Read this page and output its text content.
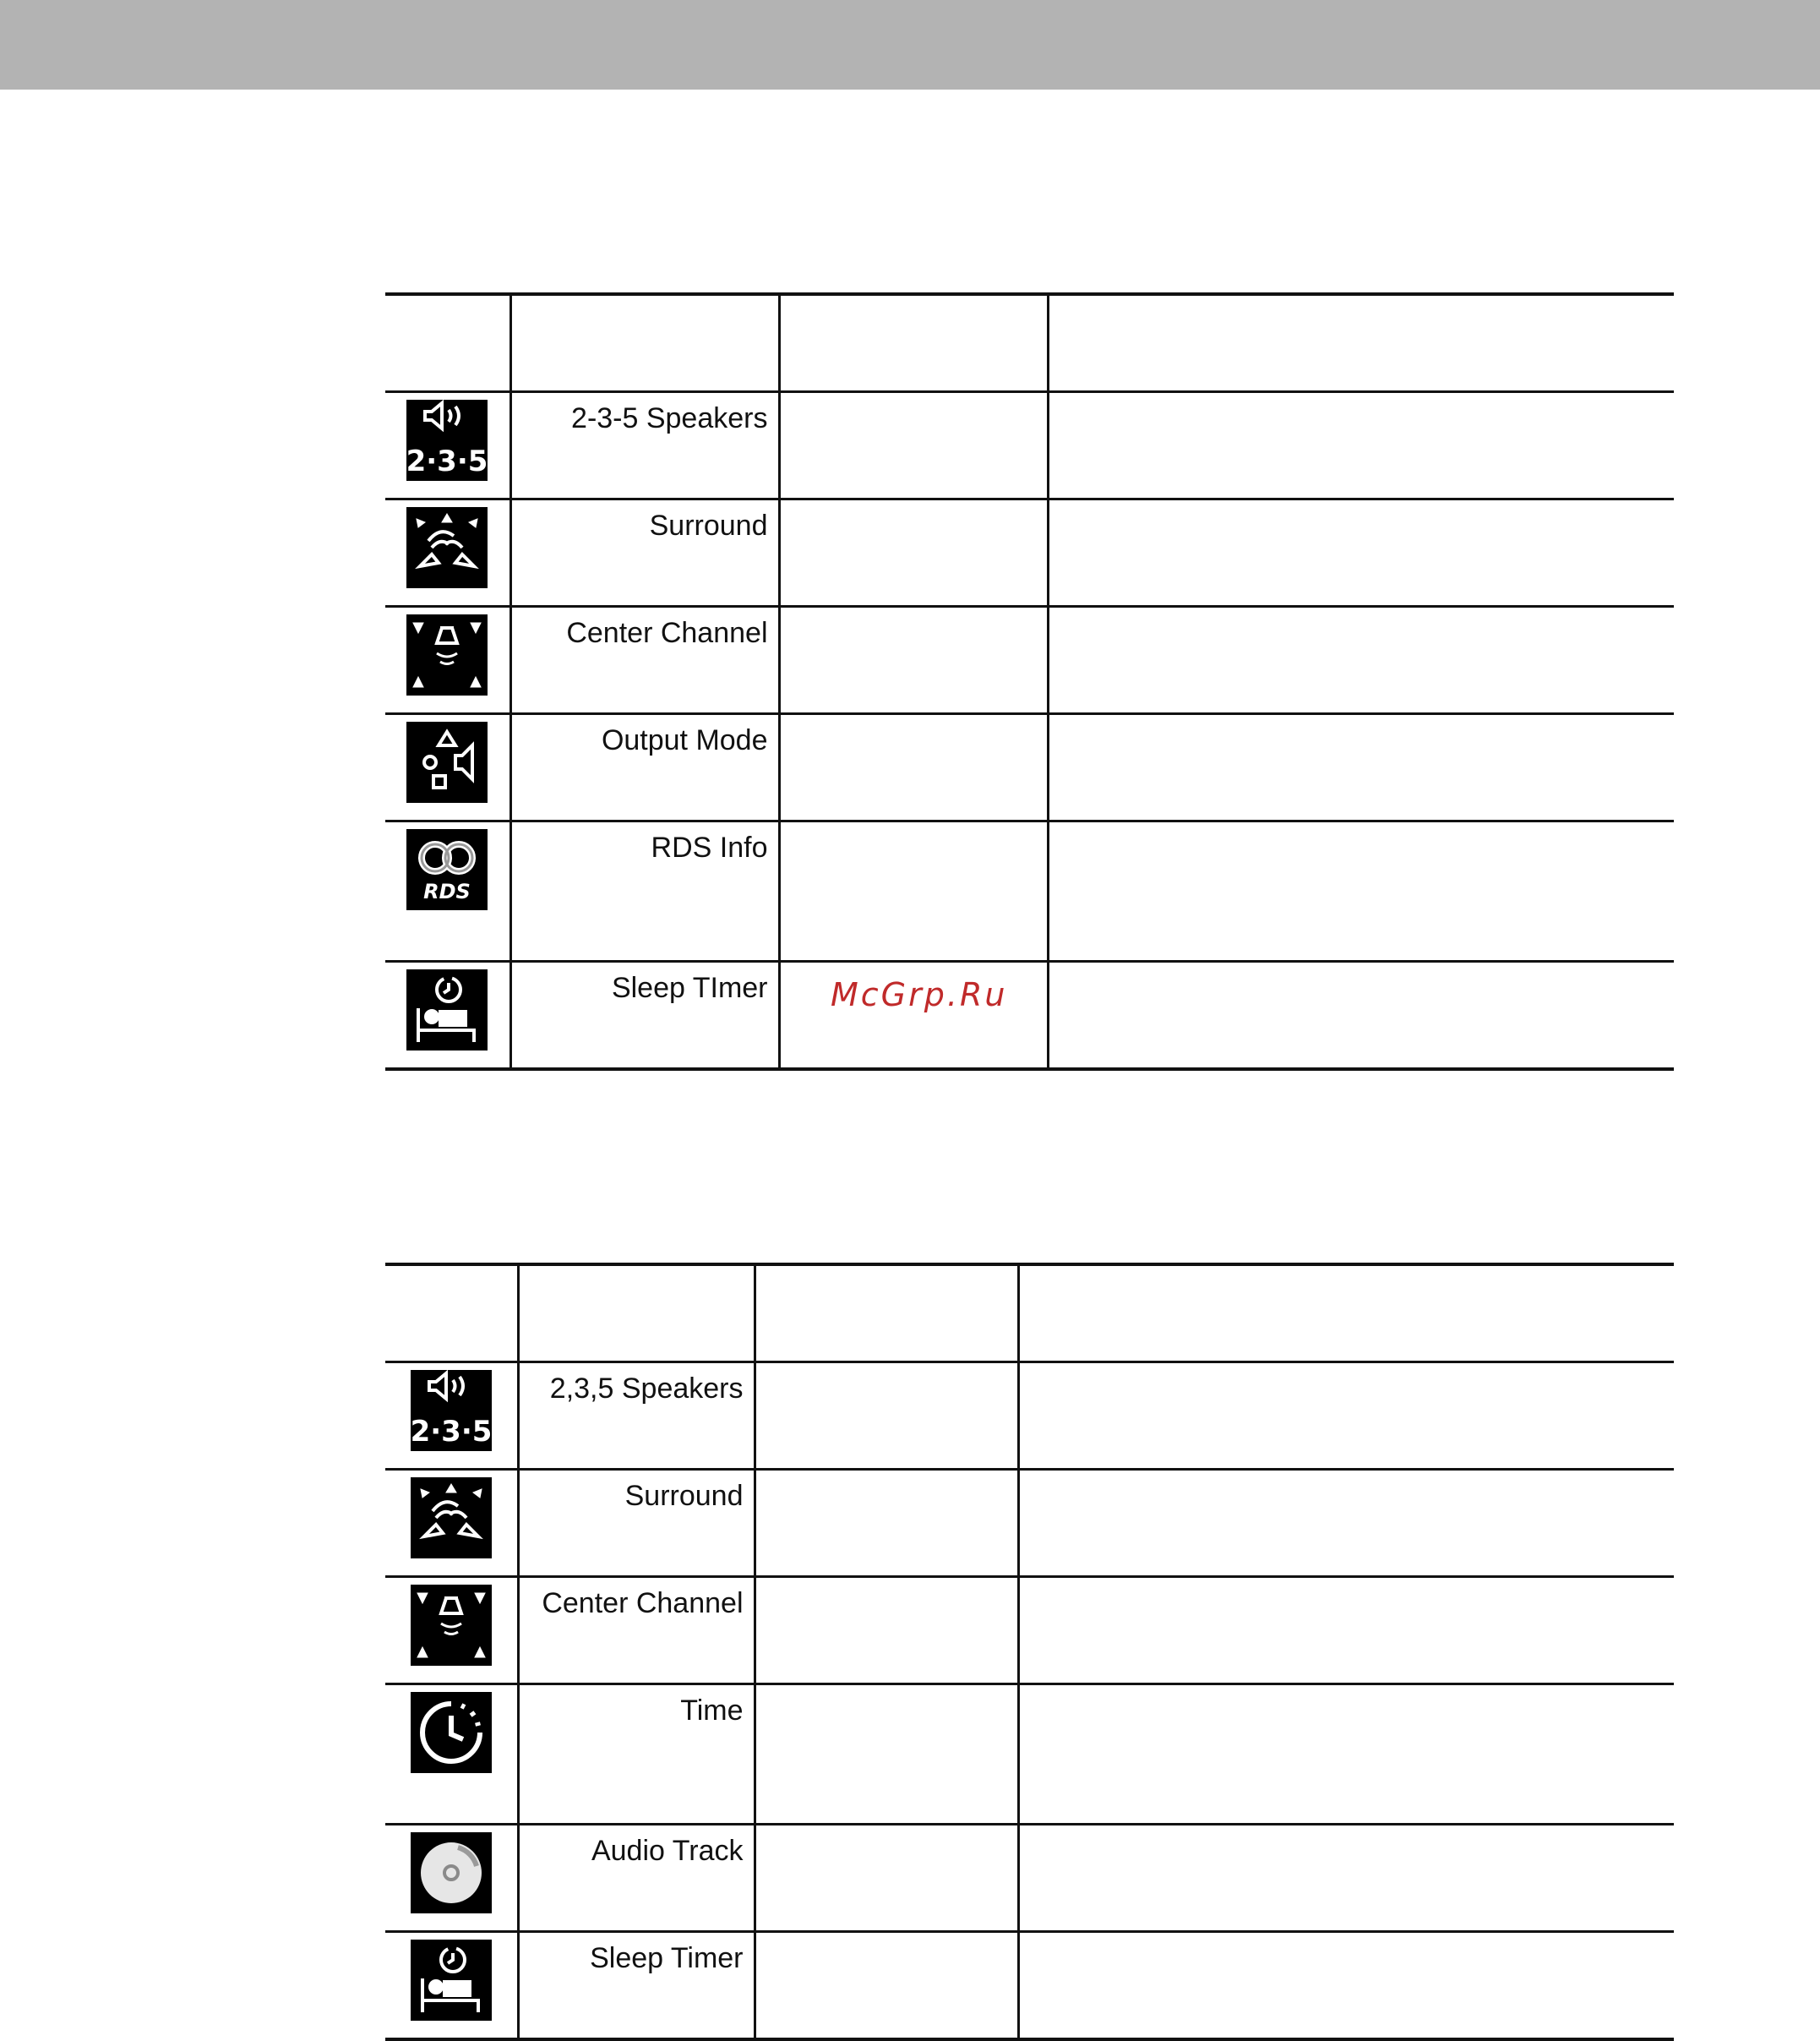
2·3·5	2-3-5 Speakers		

	Surround		

	Center Channel		

	Output Mode		

RDS	RDS Info		

	Sleep TImer		McGrp.Ru

2·3·5	2,3,5 Speakers		

	Surround		

	Center Channel		

	Time		

	Audio Track		

	Sleep Timer		
